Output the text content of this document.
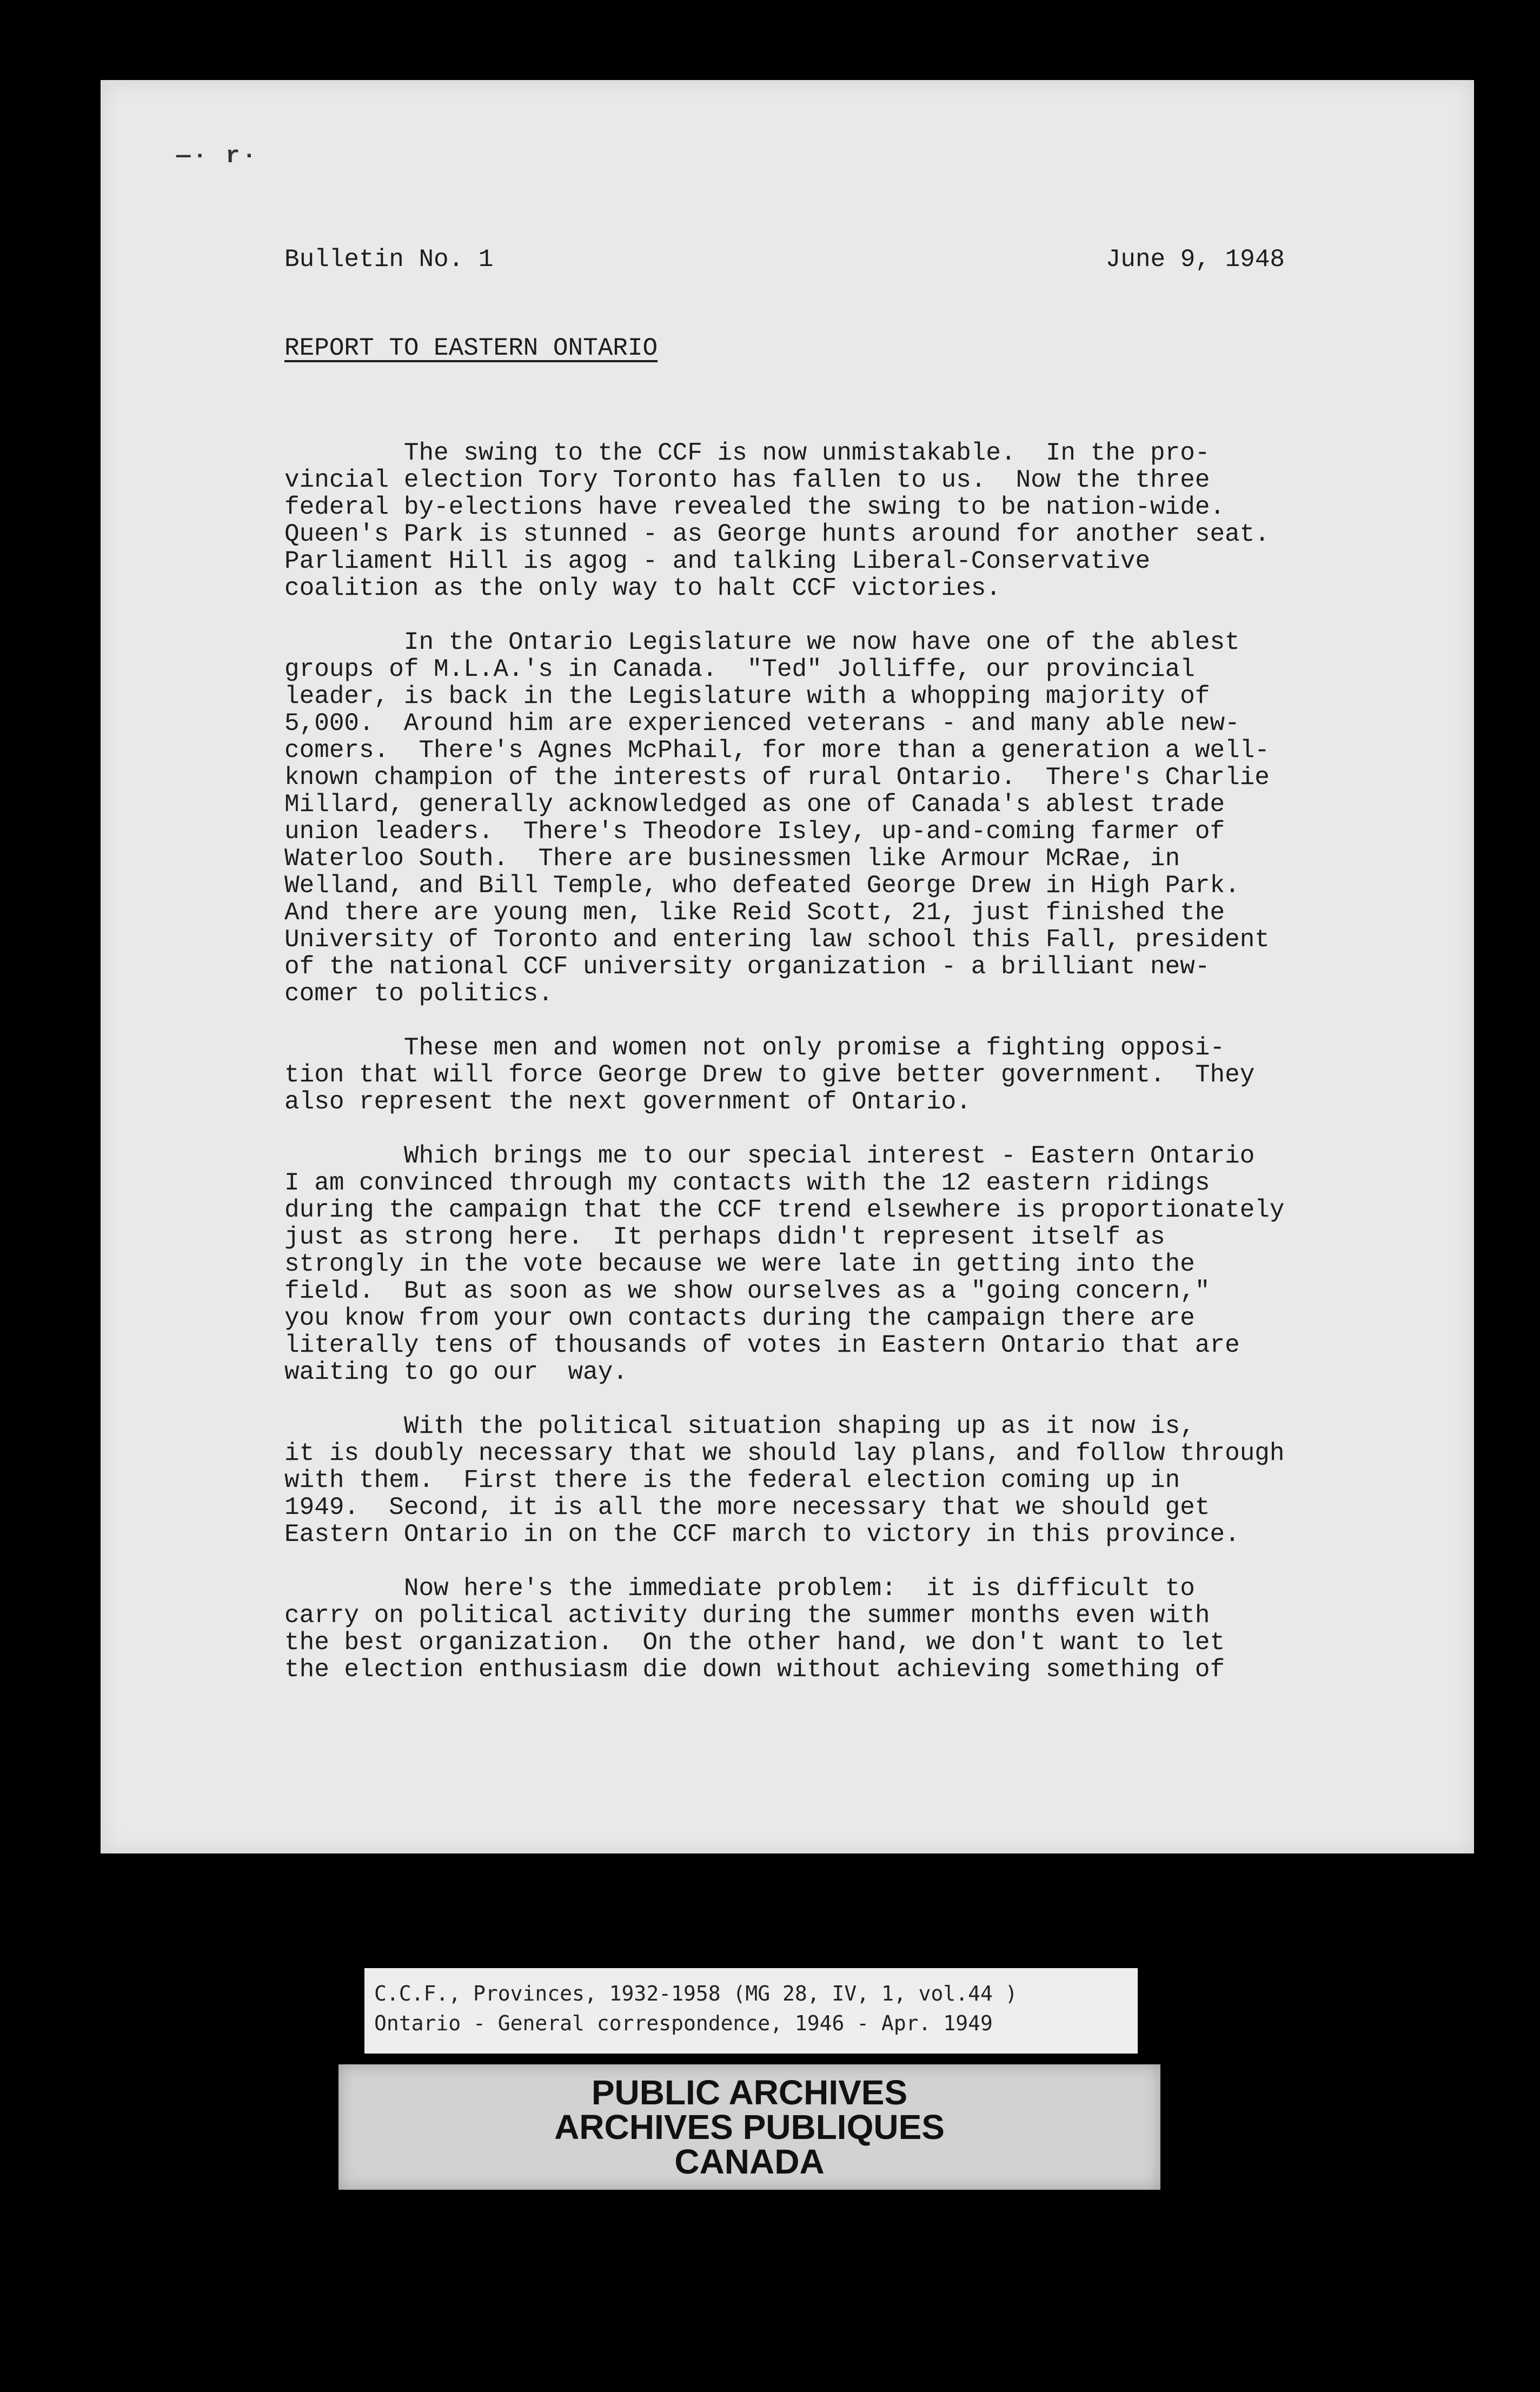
—· r·
Bulletin No. 1	June 9, 1948
REPORT TO EASTERN ONTARIO

The swing to the CCF is now unmistakable.  In the pro-
vincial election Tory Toronto has fallen to us.  Now the three
federal by-elections have revealed the swing to be nation-wide.
Queen's Park is stunned - as George hunts around for another seat.
Parliament Hill is agog - and talking Liberal-Conservative
coalition as the only way to halt CCF victories.

In the Ontario Legislature we now have one of the ablest
groups of M.L.A.'s in Canada.  "Ted" Jolliffe, our provincial
leader, is back in the Legislature with a whopping majority of
5,000.  Around him are experienced veterans - and many able new-
comers.  There's Agnes McPhail, for more than a generation a well-
known champion of the interests of rural Ontario.  There's Charlie
Millard, generally acknowledged as one of Canada's ablest trade
union leaders.  There's Theodore Isley, up-and-coming farmer of
Waterloo South.  There are businessmen like Armour McRae, in
Welland, and Bill Temple, who defeated George Drew in High Park.
And there are young men, like Reid Scott, 21, just finished the
University of Toronto and entering law school this Fall, president
of the national CCF university organization - a brilliant new-
comer to politics.

These men and women not only promise a fighting opposi-
tion that will force George Drew to give better government.  They
also represent the next government of Ontario.

Which brings me to our special interest - Eastern Ontario
I am convinced through my contacts with the 12 eastern ridings
during the campaign that the CCF trend elsewhere is proportionately
just as strong here.  It perhaps didn't represent itself as
strongly in the vote because we were late in getting into the
field.  But as soon as we show ourselves as a "going concern,"
you know from your own contacts during the campaign there are
literally tens of thousands of votes in Eastern Ontario that are
waiting to go our  way.

With the political situation shaping up as it now is,
it is doubly necessary that we should lay plans, and follow through
with them.  First there is the federal election coming up in
1949.  Second, it is all the more necessary that we should get
Eastern Ontario in on the CCF march to victory in this province.

Now here's the immediate problem:  it is difficult to
carry on political activity during the summer months even with
the best organization.  On the other hand, we don't want to let
the election enthusiasm die down without achieving something of

C.C.F., Provinces, 1932-1958 (MG 28, IV, 1, vol.44 )
Ontario - General correspondence, 1946 - Apr. 1949
PUBLIC ARCHIVES
ARCHIVES PUBLIQUES
CANADA
